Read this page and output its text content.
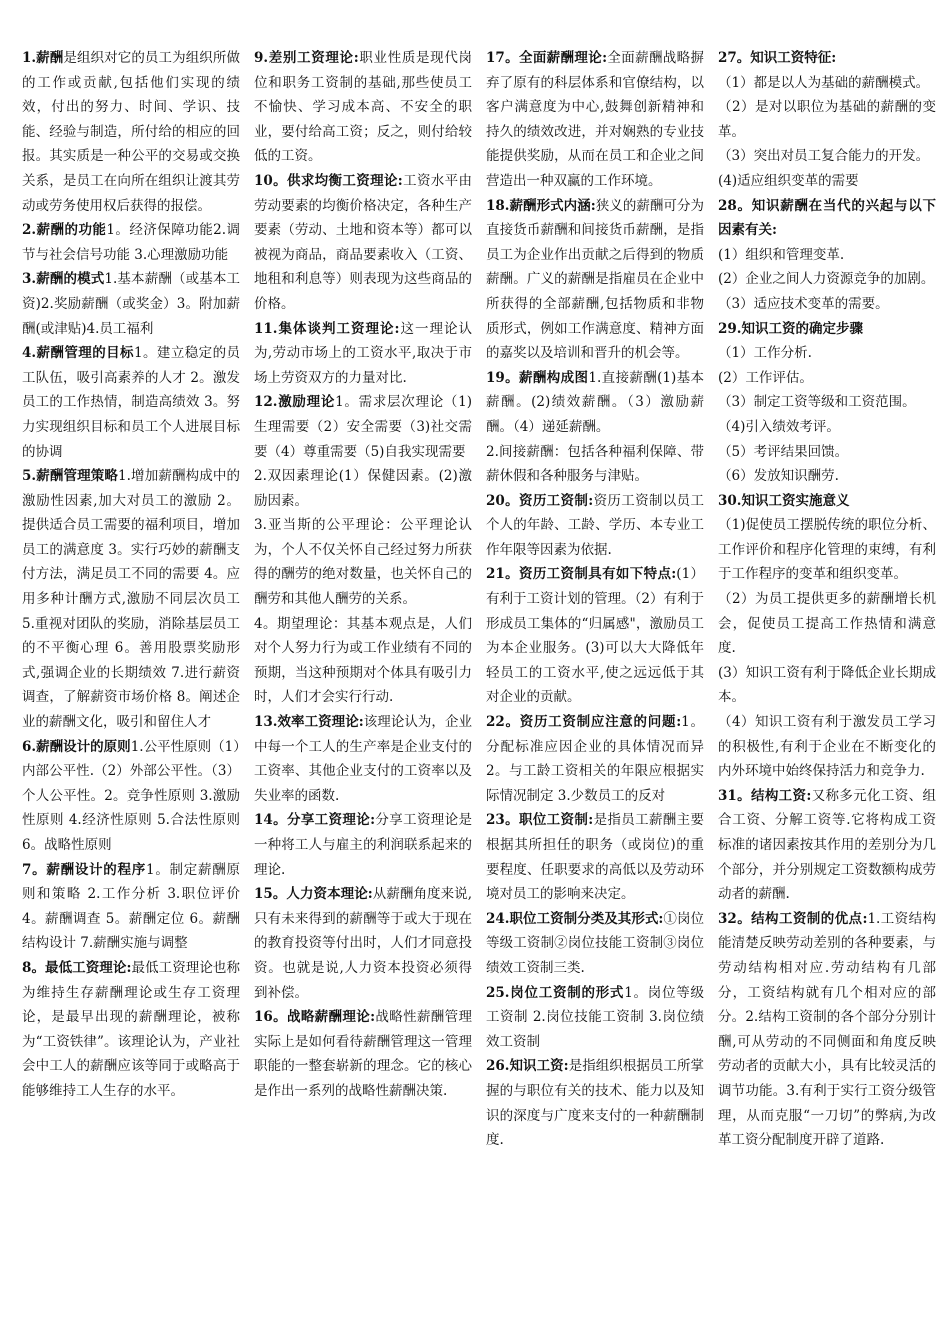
1.薪酬是组织对它的员工为组织所做的工作或贡献,包括他们实现的绩效，付出的努力、时间、学识、技能、经验与制造，所付给的相应的回报。其实质是一种公平的交易或交换关系，是员工在向所在组织让渡其劳动或劳务使用权后获得的报偿。

2.薪酬的功能1。经济保障功能2.调节与社会信号功能 3.心理激励功能

3.薪酬的模式1.基本薪酬（或基本工资)2.奖励薪酬（或奖金）3。附加薪酬(或津贴)4.员工福利

4.薪酬管理的目标1。建立稳定的员工队伍，吸引高素养的人才 2。激发员工的工作热情，制造高绩效 3。努力实现组织目标和员工个人进展目标的协调

5.薪酬管理策略1.增加薪酬构成中的激励性因素,加大对员工的激励 2。提供适合员工需要的福利项目，增加员工的满意度 3。实行巧妙的薪酬支付方法，满足员工不同的需要 4。应用多种计酬方式,激励不同层次员工 5.重视对团队的奖励，消除基层员工的不平衡心理 6。善用股票奖励形式,强调企业的长期绩效 7.进行薪资调查，了解薪资市场价格 8。阐述企业的薪酬文化，吸引和留住人才

6.薪酬设计的原则1.公平性原则（1）内部公平性.（2）外部公平性。（3）个人公平性。2。竞争性原则 3.激励性原则 4.经济性原则 5.合法性原则 6。战略性原则

7。薪酬设计的程序1。制定薪酬原则和策略 2.工作分析 3.职位评价 4。薪酬调查 5。薪酬定位 6。薪酬结构设计 7.薪酬实施与调整

8。最低工资理论:最低工资理论也称为维持生存薪酬理论或生存工资理论，是最早出现的薪酬理论，被称为“工资铁律”。该理论认为，产业社会中工人的薪酬应该等同于或略高于能够维持工人生存的水平。

9.差别工资理论:职业性质是现代岗位和职务工资制的基础,那些使员工不愉快、学习成本高、不安全的职业，要付给高工资；反之，则付给较低的工资。

10。供求均衡工资理论:工资水平由劳动要素的均衡价格决定，各种生产要素（劳动、土地和资本等）都可以被视为商品，商品要素收入（工资、地租和利息等）则表现为这些商品的价格。

11.集体谈判工资理论:这一理论认为,劳动市场上的工资水平,取决于市场上劳资双方的力量对比.

12.激励理论1。需求层次理论（1)生理需要（2）安全需要（3)社交需要（4）尊重需要（5)自我实现需要

2.双因素理论(1）保健因素。(2)激励因素。

3.亚当斯的公平理论：公平理论认为，个人不仅关怀自己经过努力所获得的酬劳的绝对数量，也关怀自己的酬劳和其他人酬劳的关系。

4。期望理论：其基本观点是，人们对个人努力行为或工作业绩有不同的预期，当这种预期对个体具有吸引力时，人们才会实行行动.

13.效率工资理论:该理论认为，企业中每一个工人的生产率是企业支付的工资率、其他企业支付的工资率以及失业率的函数.

14。分享工资理论:分享工资理论是一种将工人与雇主的利润联系起来的理论.

15。人力资本理论:从薪酬角度来说,只有未来得到的薪酬等于或大于现在的教育投资等付出时，人们才同意投资。也就是说,人力资本投资必须得到补偿。

16。战略薪酬理论:战略性薪酬管理实际上是如何看待薪酬管理这一管理职能的一整套崭新的理念。它的核心是作出一系列的战略性薪酬决策.

17。全面薪酬理论:全面薪酬战略摒弃了原有的科层体系和官僚结构，以客户满意度为中心,鼓舞创新精神和持久的绩效改进，并对娴熟的专业技能提供奖励，从而在员工和企业之间营造出一种双赢的工作环境。

18.薪酬形式内涵:狭义的薪酬可分为直接货币薪酬和间接货币薪酬，是指员工为企业作出贡献之后得到的物质薪酬。广义的薪酬是指雇员在企业中所获得的全部薪酬,包括物质和非物质形式，例如工作满意度、精神方面的嘉奖以及培训和晋升的机会等。

19。薪酬构成图1.直接薪酬(1)基本薪酬。(2)绩效薪酬。（3）激励薪酬。（4）递延薪酬。

2.间接薪酬：包括各种福利保障、带薪休假和各种服务与津贴。

20。资历工资制:资历工资制以员工个人的年龄、工龄、学历、本专业工作年限等因素为依据.

21。资历工资制具有如下特点:(1）有利于工资计划的管理。（2）有利于形成员工集体的“归属感"，激励员工为本企业服务。(3)可以大大降低年轻员工的工资水平,使之远远低于其对企业的贡献。

22。资历工资制应注意的问题:1。分配标准应因企业的具体情况而异 2。与工龄工资相关的年限应根据实际情况制定 3.少数员工的反对

23。职位工资制:是指员工薪酬主要根据其所担任的职务（或岗位)的重要程度、任职要求的高低以及劳动环境对员工的影响来决定。

24.职位工资制分类及其形式:①岗位等级工资制②岗位技能工资制③岗位绩效工资制三类.

25.岗位工资制的形式1。岗位等级工资制 2.岗位技能工资制 3.岗位绩效工资制

26.知识工资:是指组织根据员工所掌握的与职位有关的技术、能力以及知识的深度与广度来支付的一种薪酬制度.

27。知识工资特征:

（1）都是以人为基础的薪酬模式。

（2）是对以职位为基础的薪酬的变革。

（3）突出对员工复合能力的开发。

(4)适应组织变革的需要

28。知识薪酬在当代的兴起与以下因素有关:

(1）组织和管理变革.

(2）企业之间人力资源竞争的加剧。

（3）适应技术变革的需要。

29.知识工资的确定步骤

（1）工作分析.

(2）工作评估。

（3）制定工资等级和工资范围。

（4)引入绩效考评。

（5）考评结果回馈。

（6）发放知识酬劳.

30.知识工资实施意义

（1)促使员工摆脱传统的职位分析、工作评价和程序化管理的束缚，有利于工作程序的变革和组织变革。

（2）为员工提供更多的薪酬增长机会，促使员工提高工作热情和满意度.

(3）知识工资有利于降低企业长期成本。

（4）知识工资有利于激发员工学习的积极性,有利于企业在不断变化的内外环境中始终保持活力和竞争力.

31。结构工资:又称多元化工资、组合工资、分解工资等.它将构成工资标准的诸因素按其作用的差别分为几个部分，并分别规定工资数额构成劳动者的薪酬.

32。结构工资制的优点:1.工资结构能清楚反映劳动差别的各种要素，与劳动结构相对应.劳动结构有几部分，工资结构就有几个相对应的部分。2.结构工资制的各个部分分别计酬,可从劳动的不同侧面和角度反映劳动者的贡献大小，具有比较灵活的调节功能。3.有利于实行工资分级管理，从而克服“一刀切”的弊病,为改革工资分配制度开辟了道路.
